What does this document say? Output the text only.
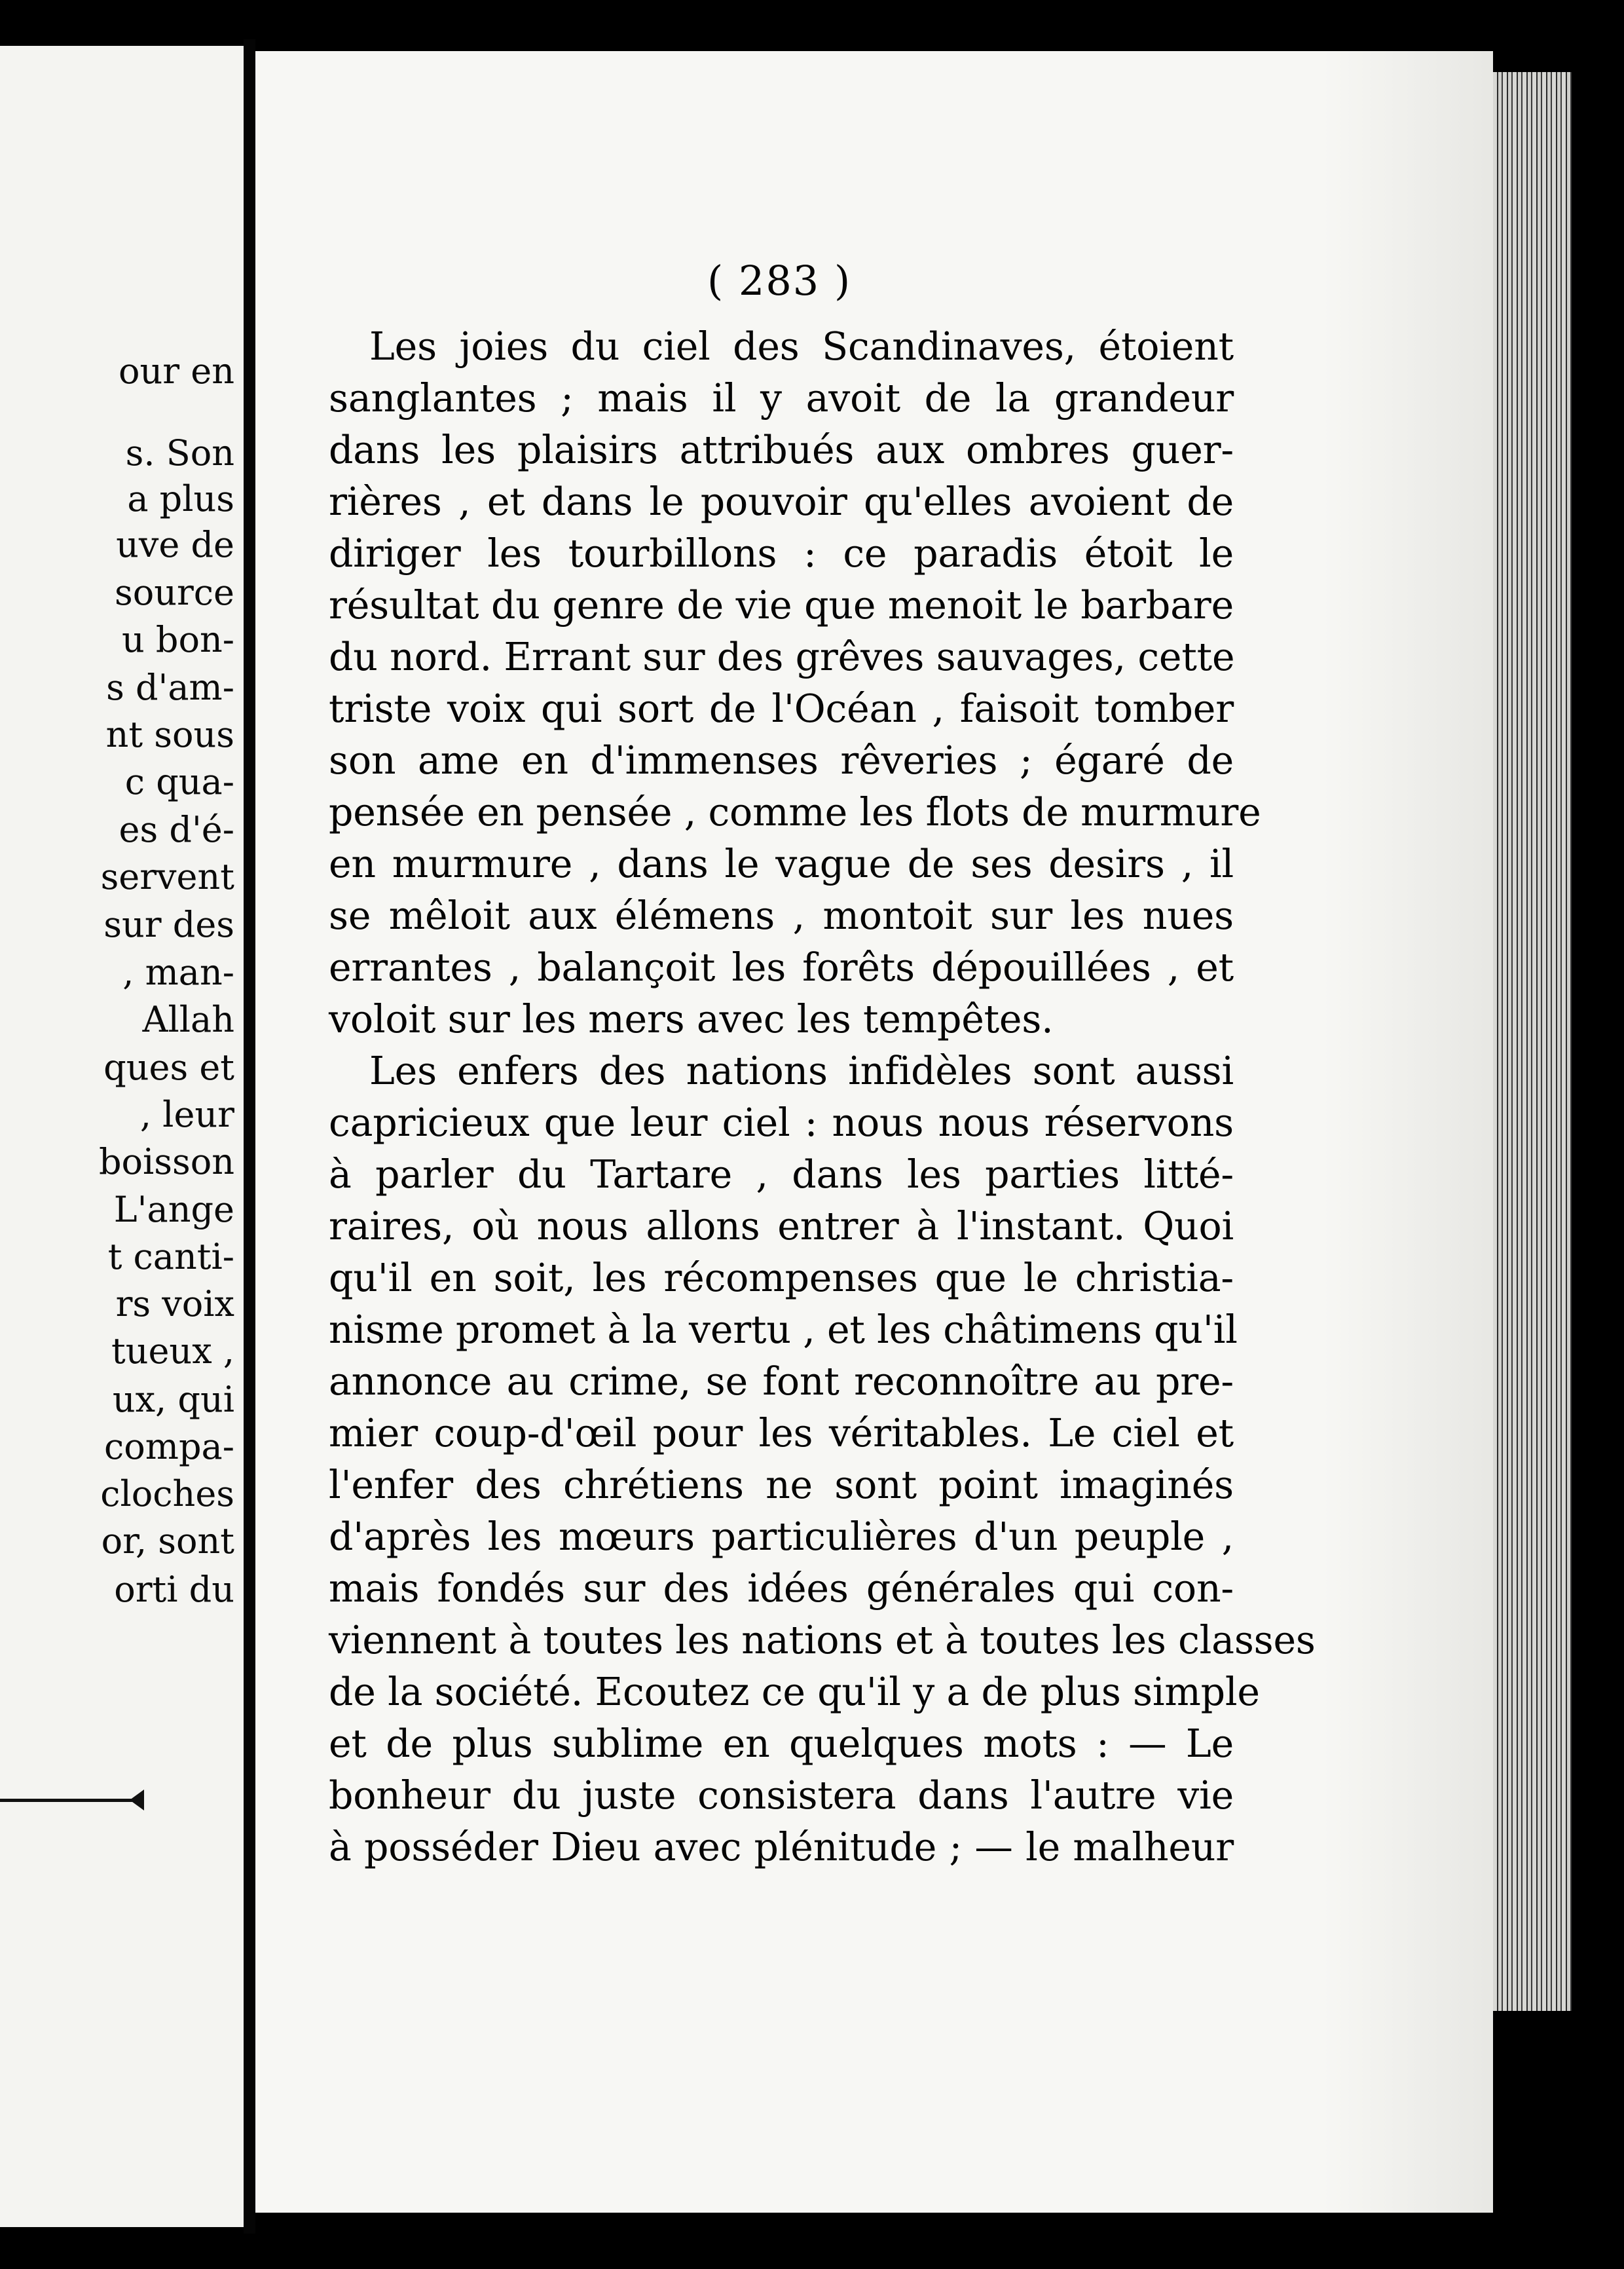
our en
s. Son
a plus
uve de
source
u bon-
s d'am-
nt sous
c qua-
es d'é-
servent
sur des
, man-
Allah
ques et
, leur
boisson
L'ange
t canti-
rs voix
tueux ,
ux, qui
compa-
cloches
or, sont
orti du
( 283 )
Les joies du ciel des Scandinaves, étoient
sanglantes ; mais il y avoit de la grandeur
dans les plaisirs attribués aux ombres guer-
rières , et dans le pouvoir qu'elles avoient de
diriger les tourbillons : ce paradis étoit le
résultat du genre de vie que menoit le barbare
du nord. Errant sur des grêves sauvages, cette
triste voix qui sort de l'Océan , faisoit tomber
son ame en d'immenses rêveries ; égaré de
pensée en pensée , comme les flots de murmure
en murmure , dans le vague de ses desirs , il
se mêloit aux élémens , montoit sur les nues
errantes , balançoit les forêts dépouillées , et
voloit sur les mers avec les tempêtes.
Les enfers des nations infidèles sont aussi
capricieux que leur ciel : nous nous réservons
à parler du Tartare , dans les parties litté-
raires, où nous allons entrer à l'instant. Quoi
qu'il en soit, les récompenses que le christia-
nisme promet à la vertu , et les châtimens qu'il
annonce au crime, se font reconnoître au pre-
mier coup-d'œil pour les véritables. Le ciel et
l'enfer des chrétiens ne sont point imaginés
d'après les mœurs particulières d'un peuple ,
mais fondés sur des idées générales qui con-
viennent à toutes les nations et à toutes les classes
de la société. Ecoutez ce qu'il y a de plus simple
et de plus sublime en quelques mots : — Le
bonheur du juste consistera dans l'autre vie
à posséder Dieu avec plénitude ; — le malheur
